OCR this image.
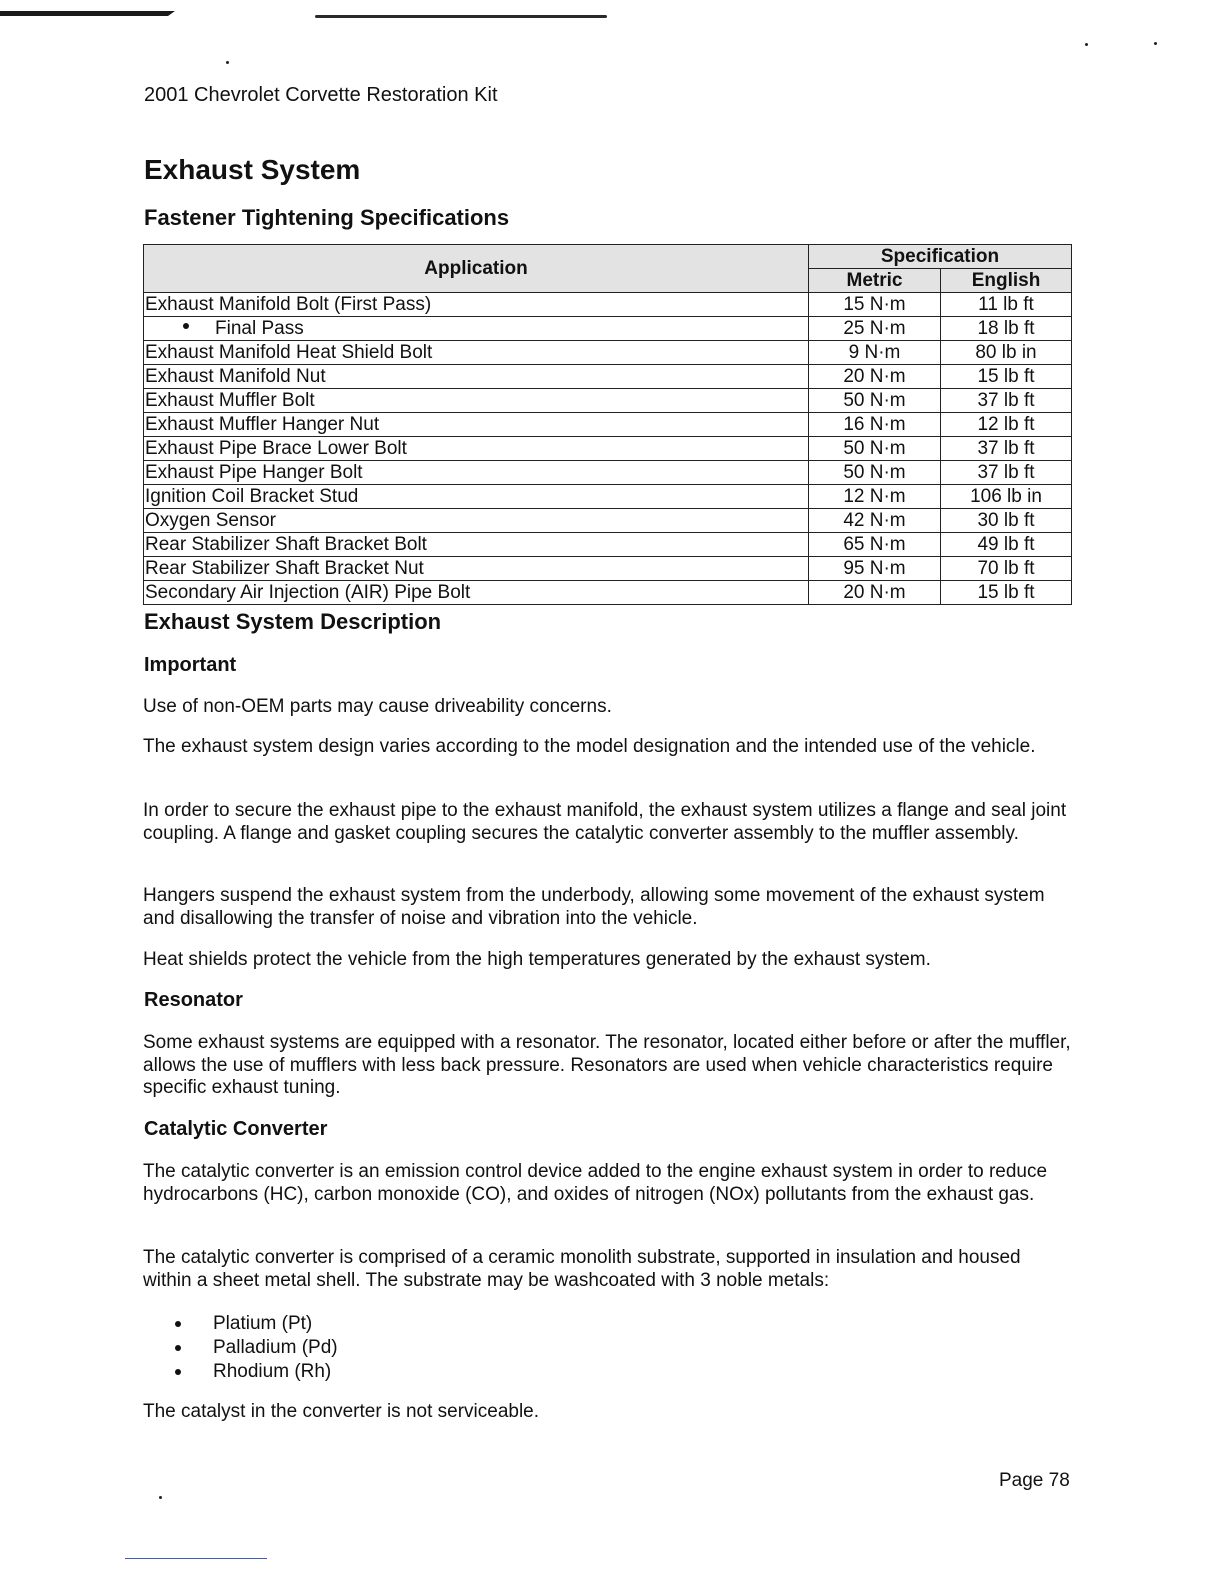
2001 Chevrolet Corvette Restoration Kit
Exhaust System
Fastener Tightening Specifications
Application	Specification	
	Metric	English
Exhaust Manifold Bolt (First Pass)	15 N·m	11 lb ft
Final Pass	25 N·m	18 lb ft
Exhaust Manifold Heat Shield Bolt	9 N·m	80 lb in
Exhaust Manifold Nut	20 N·m	15 lb ft
Exhaust Muffler Bolt	50 N·m	37 lb ft
Exhaust Muffler Hanger Nut	16 N·m	12 lb ft
Exhaust Pipe Brace Lower Bolt	50 N·m	37 lb ft
Exhaust Pipe Hanger Bolt	50 N·m	37 lb ft
Ignition Coil Bracket Stud	12 N·m	106 lb in
Oxygen Sensor	42 N·m	30 lb ft
Rear Stabilizer Shaft Bracket Bolt	65 N·m	49 lb ft
Rear Stabilizer Shaft Bracket Nut	95 N·m	70 lb ft
Secondary Air Injection (AIR) Pipe Bolt	20 N·m	15 lb ft
Exhaust System Description
Important

Use of non-OEM parts may cause driveability concerns.

The exhaust system design varies according to the model designation and the intended use of the vehicle.

In order to secure the exhaust pipe to the exhaust manifold, the exhaust system utilizes a flange and seal joint coupling. A flange and gasket coupling secures the catalytic converter assembly to the muffler assembly.

Hangers suspend the exhaust system from the underbody, allowing some movement of the exhaust system and disallowing the transfer of noise and vibration into the vehicle.

Heat shields protect the vehicle from the high temperatures generated by the exhaust system.

Resonator

Some exhaust systems are equipped with a resonator. The resonator, located either before or after the muffler, allows the use of mufflers with less back pressure. Resonators are used when vehicle characteristics require specific exhaust tuning.

Catalytic Converter

The catalytic converter is an emission control device added to the engine exhaust system in order to reduce hydrocarbons (HC), carbon monoxide (CO), and oxides of nitrogen (NOx) pollutants from the exhaust gas.

The catalytic converter is comprised of a ceramic monolith substrate, supported in insulation and housed within a sheet metal shell. The substrate may be washcoated with 3 noble metals:

Platium (Pt)
Palladium (Pd)
Rhodium (Rh)

The catalyst in the converter is not serviceable.

Page 78
